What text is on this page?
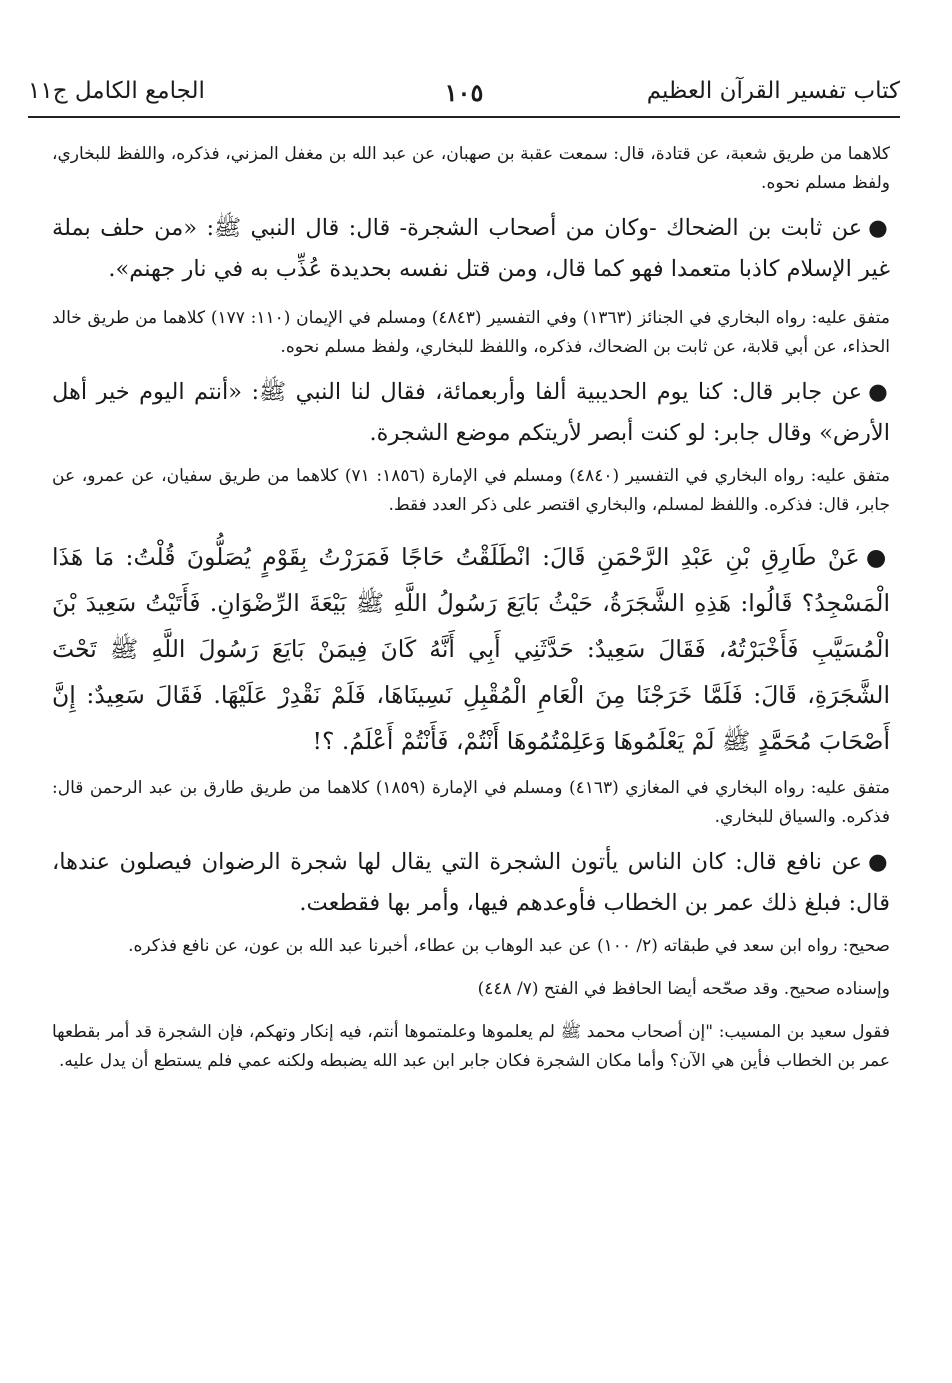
كتاب تفسير القرآن العظيم
١٠٥
الجامع الكامل ج١١

كلاهما من طريق شعبة، عن قتادة، قال: سمعت عقبة بن صهبان، عن عبد الله بن مغفل المزني، فذكره، واللفظ للبخاري، ولفظ مسلم نحوه.

●عن ثابت بن الضحاك -وكان من أصحاب الشجرة- قال: قال النبي ﷺ: «من حلف بملة غير الإسلام كاذبا متعمدا فهو كما قال، ومن قتل نفسه بحديدة عُذِّب به في نار جهنم».

متفق عليه: رواه البخاري في الجنائز (١٣٦٣) وفي التفسير (٤٨٤٣) ومسلم في الإيمان (١١٠: ١٧٧) كلاهما من طريق خالد الحذاء، عن أبي قلابة، عن ثابت بن الضحاك، فذكره، واللفظ للبخاري، ولفظ مسلم نحوه.

●عن جابر قال: كنا يوم الحديبية ألفا وأربعمائة، فقال لنا النبي ﷺ: «أنتم اليوم خير أهل الأرض» وقال جابر: لو كنت أبصر لأريتكم موضع الشجرة.

متفق عليه: رواه البخاري في التفسير (٤٨٤٠) ومسلم في الإمارة (١٨٥٦: ٧١) كلاهما من طريق سفيان، عن عمرو، عن جابر، قال: فذكره. واللفظ لمسلم، والبخاري اقتصر على ذكر العدد فقط.

●عَنْ طَارِقِ بْنِ عَبْدِ الرَّحْمَنِ قَالَ: انْطَلَقْتُ حَاجًا فَمَرَرْتُ بِقَوْمٍ يُصَلُّونَ قُلْتُ: مَا هَذَا الْمَسْجِدُ؟ قَالُوا: هَذِهِ الشَّجَرَةُ، حَيْثُ بَايَعَ رَسُولُ اللَّهِ ﷺ بَيْعَةَ الرِّضْوَانِ. فَأَتَيْتُ سَعِيدَ بْنَ الْمُسَيَّبِ فَأَخْبَرْتُهُ، فَقَالَ سَعِيدٌ: حَدَّثَنِي أَبِي أَنَّهُ كَانَ فِيمَنْ بَايَعَ رَسُولَ اللَّهِ ﷺ تَحْتَ الشَّجَرَةِ، قَالَ: فَلَمَّا خَرَجْنَا مِنَ الْعَامِ الْمُقْبِلِ نَسِينَاهَا، فَلَمْ نَقْدِرْ عَلَيْهَا. فَقَالَ سَعِيدٌ: إِنَّ أَصْحَابَ مُحَمَّدٍ ﷺ لَمْ يَعْلَمُوهَا وَعَلِمْتُمُوهَا أَنْتُمْ، فَأَنْتُمْ أَعْلَمُ. ؟!

متفق عليه: رواه البخاري في المغازي (٤١٦٣) ومسلم في الإمارة (١٨٥٩) كلاهما من طريق طارق بن عبد الرحمن قال: فذكره. والسياق للبخاري.

●عن نافع قال: كان الناس يأتون الشجرة التي يقال لها شجرة الرضوان فيصلون عندها، قال: فبلغ ذلك عمر بن الخطاب فأوعدهم فيها، وأمر بها فقطعت.

صحيح: رواه ابن سعد في طبقاته (٢/ ١٠٠) عن عبد الوهاب بن عطاء، أخبرنا عبد الله بن عون، عن نافع فذكره.

وإسناده صحيح. وقد صحّحه أيضا الحافظ في الفتح (٧/ ٤٤٨)

فقول سعيد بن المسيب: "إن أصحاب محمد ﷺ لم يعلموها وعلمتموها أنتم، فيه إنكار وتهكم، فإن الشجرة قد أمر بقطعها عمر بن الخطاب فأين هي الآن؟ وأما مكان الشجرة فكان جابر ابن عبد الله يضبطه ولكنه عمي فلم يستطع أن يدل عليه.
